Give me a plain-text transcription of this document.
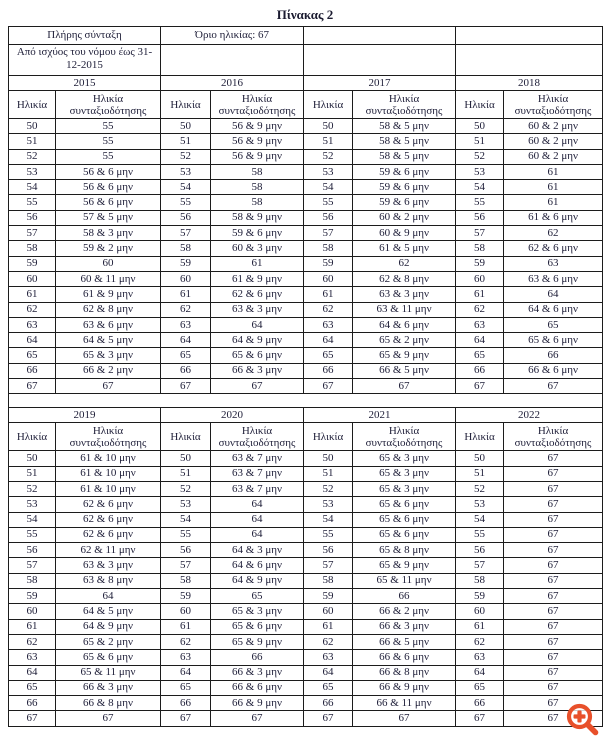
Πίνακας 2
Πλήρης σύνταξη		Όριο ηλικίας: 67					
Από ισχύος του νόμου έως 31-12-2015							
2015		2016		2017		2018	
Ηλικία	Ηλικία συνταξιοδότησης	Ηλικία	Ηλικία συνταξιοδότησης	Ηλικία	Ηλικία συνταξιοδότησης	Ηλικία	Ηλικία συνταξιοδότησης
50	55	50	56 & 9 μην	50	58 & 5 μην	50	60 & 2 μην
51	55	51	56 & 9 μην	51	58 & 5 μην	51	60 & 2 μην
52	55	52	56 & 9 μην	52	58 & 5 μην	52	60 & 2 μην
53	56 & 6 μην	53	58	53	59 & 6 μην	53	61
54	56 & 6 μην	54	58	54	59 & 6 μην	54	61
55	56 & 6 μην	55	58	55	59 & 6 μην	55	61
56	57 & 5 μην	56	58 & 9 μην	56	60 & 2 μην	56	61 & 6 μην
57	58 & 3 μην	57	59 & 6 μην	57	60 & 9 μην	57	62
58	59 & 2 μην	58	60 & 3 μην	58	61 & 5 μην	58	62 & 6 μην
59	60	59	61	59	62	59	63
60	60 & 11 μην	60	61 & 9 μην	60	62 & 8 μην	60	63 & 6 μην
61	61 & 9 μην	61	62 & 6 μην	61	63 & 3 μην	61	64
62	62 & 8 μην	62	63 & 3 μην	62	63 & 11 μην	62	64 & 6 μην
63	63 & 6 μην	63	64	63	64 & 6 μην	63	65
64	64 & 5 μην	64	64 & 9 μην	64	65 & 2 μην	64	65 & 6 μην
65	65 & 3 μην	65	65 & 6 μην	65	65 & 9 μην	65	66
66	66 & 2 μην	66	66 & 3 μην	66	66 & 5 μην	66	66 & 6 μην
67	67	67	67	67	67	67	67

2019		2020		2021		2022	
Ηλικία	Ηλικία συνταξιοδότησης	Ηλικία	Ηλικία συνταξιοδότησης	Ηλικία	Ηλικία συνταξιοδότησης	Ηλικία	Ηλικία συνταξιοδότησης
50	61 & 10 μην	50	63 & 7 μην	50	65 & 3 μην	50	67
51	61 & 10 μην	51	63 & 7 μην	51	65 & 3 μην	51	67
52	61 & 10 μην	52	63 & 7 μην	52	65 & 3 μην	52	67
53	62 & 6 μην	53	64	53	65 & 6 μην	53	67
54	62 & 6 μην	54	64	54	65 & 6 μην	54	67
55	62 & 6 μην	55	64	55	65 & 6 μην	55	67
56	62 & 11 μην	56	64 & 3 μην	56	65 & 8 μην	56	67
57	63 & 3 μην	57	64 & 6 μην	57	65 & 9 μην	57	67
58	63 & 8 μην	58	64 & 9 μην	58	65 & 11 μην	58	67
59	64	59	65	59	66	59	67
60	64 & 5 μην	60	65 & 3 μην	60	66 & 2 μην	60	67
61	64 & 9 μην	61	65 & 6 μην	61	66 & 3 μην	61	67
62	65 & 2 μην	62	65 & 9 μην	62	66 & 5 μην	62	67
63	65 & 6 μην	63	66	63	66 & 6 μην	63	67
64	65 & 11 μην	64	66 & 3 μην	64	66 & 8 μην	64	67
65	66 & 3 μην	65	66 & 6 μην	65	66 & 9 μην	65	67
66	66 & 8 μην	66	66 & 9 μην	66	66 & 11 μην	66	67
67	67	67	67	67	67	67	67
